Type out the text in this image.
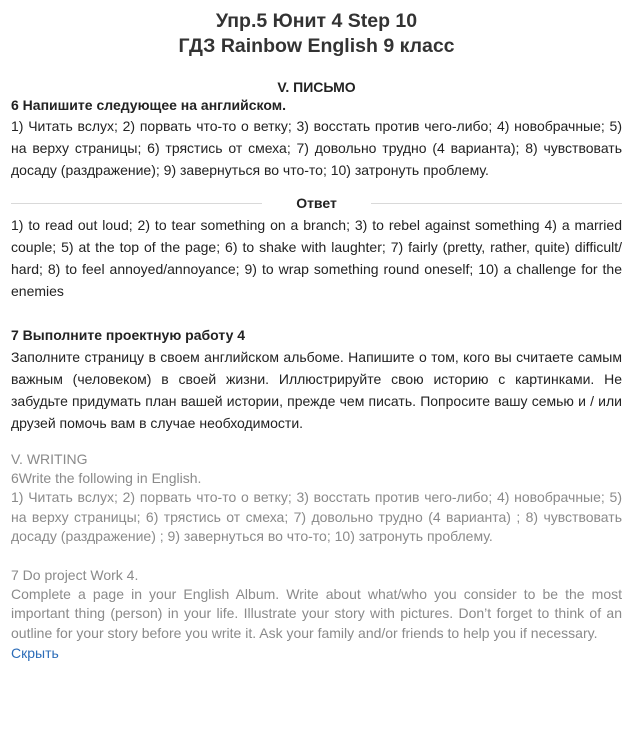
Упр.5 Юнит 4 Step 10
ГДЗ Rainbow English 9 класс
V. ПИСЬМО
6 Напишите следующее на английском.

1) Читать вслух; 2) порвать что-то о ветку; 3) восстать против чего-либо; 4) новобрачные; 5) на верху страницы; 6) трястись от смеха; 7) довольно трудно (4 варианта); 8) чувствовать досаду (раздражение); 9) завернуться во что-то; 10) затронуть проблему.

Ответ

1) to read out loud; 2) to tear something on a branch; 3) to rebel against something 4) a married couple; 5) at the top of the page; 6) to shake with laughter; 7) fairly (pretty, rather, quite) difficult/ hard; 8) to feel annoyed/annoyance; 9) to wrap something round oneself; 10) a challenge for the enemies

7 Выполните проектную работу 4

Заполните страницу в своем английском альбоме. Напишите о том, кого вы считаете самым важным (человеком) в своей жизни. Иллюстрируйте свою историю с картинками. Не забудьте придумать план вашей истории, прежде чем писать. Попросите вашу семью и / или друзей помочь вам в случае необходимости.

V. WRITING
6Write the following in English.

1) Читать вслух; 2) порвать что-то о ветку; 3) восстать против чего-либо; 4) новобрачные; 5) на верху страницы; 6) трястись от смеха; 7) довольно трудно (4 варианта) ; 8) чувствовать досаду (раздражение) ; 9) завернуться во что-то; 10) затронуть проблему.

7 Do project Work 4.

Complete a page in your English Album. Write about what/who you consider to be the most important thing (person) in your life. Illustrate your story with pictures. Don’t forget to think of an outline for your story before you write it. Ask your family and/or friends to help you if necessary.

Скрыть
